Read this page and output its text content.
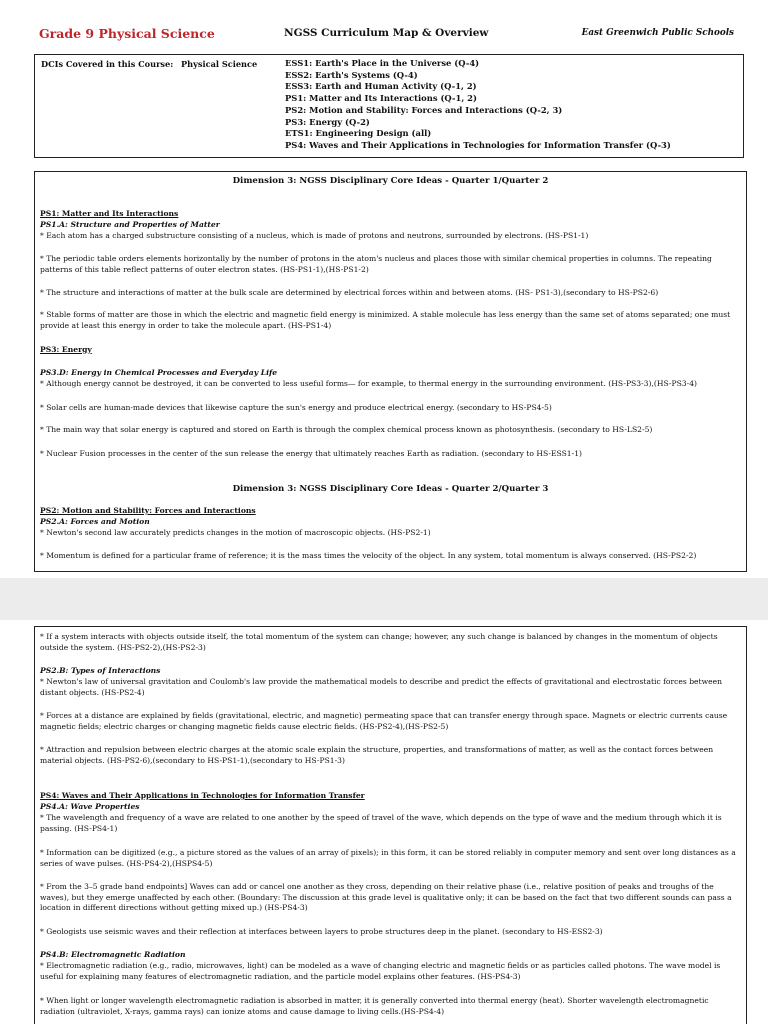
Grade 9 Physical Science	NGSS Curriculum Map & Overview	East Greenwich Public Schools
DCIs Covered in this Course: Physical Science	ESS1: Earth's Place in the Universe (Q-4)
ESS2: Earth's Systems (Q-4)
ESS3: Earth and Human Activity (Q-1, 2)
PS1: Matter and Its Interactions (Q-1, 2)
PS2: Motion and Stability: Forces and Interactions (Q-2, 3)
PS3: Energy (Q-2)
ETS1: Engineering Design (all)
PS4: Waves and Their Applications in Technologies for Information Transfer (Q-3)
Dimension 3: NGSS Disciplinary Core Ideas - Quarter 1/Quarter 2
PS1: Matter and Its Interactions
PS1.A: Structure and Properties of Matter
* Each atom has a charged substructure consisting of a nucleus, which is made of protons and neutrons, surrounded by electrons. (HS-PS1-1)
* The periodic table orders elements horizontally by the number of protons in the atom's nucleus and places those with similar chemical properties in columns. The repeating patterns of this table reflect patterns of outer electron states. (HS-PS1-1),(HS-PS1-2)
* The structure and interactions of matter at the bulk scale are determined by electrical forces within and between atoms. (HS- PS1-3),(secondary to HS-PS2-6)
* Stable forms of matter are those in which the electric and magnetic field energy is minimized. A stable molecule has less energy than the same set of atoms separated; one must provide at least this energy in order to take the molecule apart. (HS-PS1-4)
PS3: Energy
PS3.D: Energy in Chemical Processes and Everyday Life
* Although energy cannot be destroyed, it can be converted to less useful forms— for example, to thermal energy in the surrounding environment. (HS-PS3-3),(HS-PS3-4)
* Solar cells are human-made devices that likewise capture the sun's energy and produce electrical energy. (secondary to HS-PS4-5)
* The main way that solar energy is captured and stored on Earth is through the complex chemical process known as photosynthesis. (secondary to HS-LS2-5)
* Nuclear Fusion processes in the center of the sun release the energy that ultimately reaches Earth as radiation. (secondary to HS-ESS1-1)
Dimension 3: NGSS Disciplinary Core Ideas - Quarter 2/Quarter 3
PS2: Motion and Stability: Forces and Interactions
PS2.A: Forces and Motion
* Newton's second law accurately predicts changes in the motion of macroscopic objects. (HS-PS2-1)
* Momentum is defined for a particular frame of reference; it is the mass times the velocity of the object. In any system, total momentum is always conserved. (HS-PS2-2)
* If a system interacts with objects outside itself, the total momentum of the system can change; however, any such change is balanced by changes in the momentum of objects outside the system. (HS-PS2-2),(HS-PS2-3)
PS2.B: Types of Interactions
* Newton's law of universal gravitation and Coulomb's law provide the mathematical models to describe and predict the effects of gravitational and electrostatic forces between distant objects. (HS-PS2-4)
* Forces at a distance are explained by fields (gravitational, electric, and magnetic) permeating space that can transfer energy through space. Magnets or electric currents cause magnetic fields; electric charges or changing magnetic fields cause electric fields. (HS-PS2-4),(HS-PS2-5)
* Attraction and repulsion between electric charges at the atomic scale explain the structure, properties, and transformations of matter, as well as the contact forces between material objects. (HS-PS2-6),(secondary to HS-PS1-1),(secondary to HS-PS1-3)
PS4: Waves and Their Applications in Technologies for Information Transfer
PS4.A: Wave Properties
* The wavelength and frequency of a wave are related to one another by the speed of travel of the wave, which depends on the type of wave and the medium through which it is passing. (HS-PS4-1)
* Information can be digitized (e.g., a picture stored as the values of an array of pixels); in this form, it can be stored reliably in computer memory and sent over long distances as a series of wave pulses. (HS-PS4-2),(HSPS4-5)
* From the 3–5 grade band endpoints] Waves can add or cancel one another as they cross, depending on their relative phase (i.e., relative position of peaks and troughs of the waves), but they emerge unaffected by each other. (Boundary: The discussion at this grade level is qualitative only; it can be based on the fact that two different sounds can pass a location in different directions without getting mixed up.) (HS-PS4-3)
* Geologists use seismic waves and their reflection at interfaces between layers to probe structures deep in the planet. (secondary to HS-ESS2-3)
PS4.B: Electromagnetic Radiation
* Electromagnetic radiation (e.g., radio, microwaves, light) can be modeled as a wave of changing electric and magnetic fields or as particles called photons. The wave model is useful for explaining many features of electromagnetic radiation, and the particle model explains other features. (HS-PS4-3)
* When light or longer wavelength electromagnetic radiation is absorbed in matter, it is generally converted into thermal energy (heat). Shorter wavelength electromagnetic radiation (ultraviolet, X-rays, gamma rays) can ionize atoms and cause damage to living cells.(HS-PS4-4)
